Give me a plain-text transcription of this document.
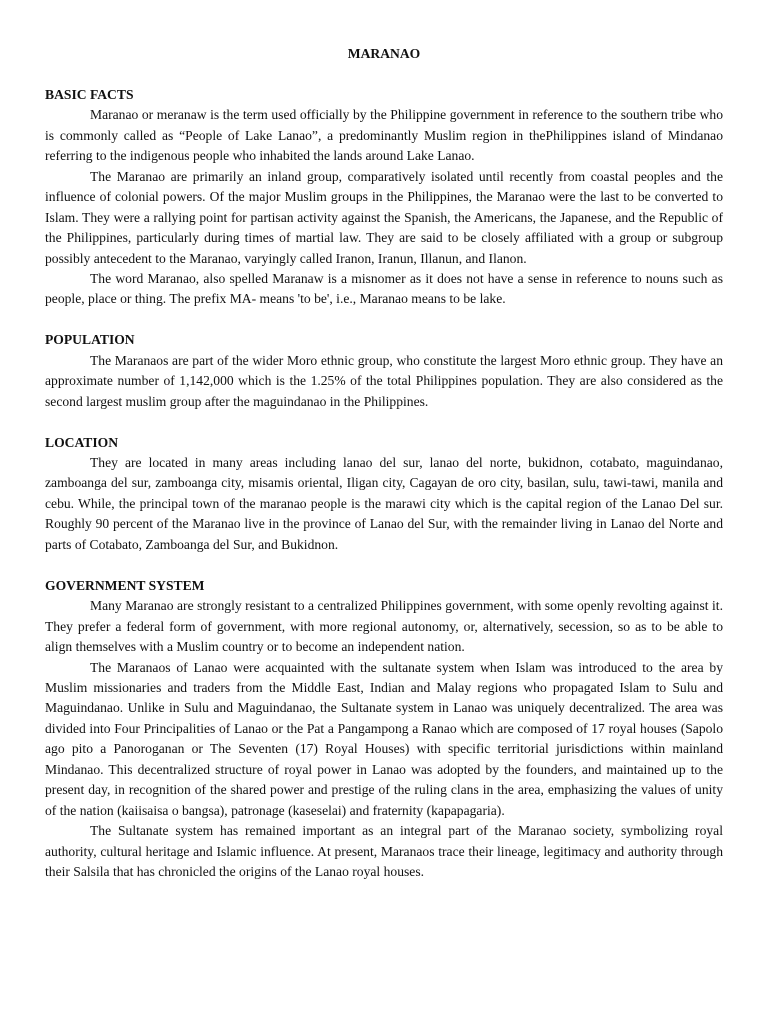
MARANAO
BASIC FACTS

Maranao or meranaw is the term used officially by the Philippine government in reference to the southern tribe who is commonly called as “People of Lake Lanao”, a predominantly Muslim region in thePhilippines island of Mindanao referring to the indigenous people who inhabited the lands around Lake Lanao.

The Maranao are primarily an inland group, comparatively isolated until recently from coastal peoples and the influence of colonial powers. Of the major Muslim groups in the Philippines, the Maranao were the last to be converted to Islam. They were a rallying point for partisan activity against the Spanish, the Americans, the Japanese, and the Republic of the Philippines, particularly during times of martial law. They are said to be closely affiliated with a group or subgroup possibly antecedent to the Maranao, varyingly called Iranon, Iranun, Illanun, and Ilanon.

The word Maranao, also spelled Maranaw is a misnomer as it does not have a sense in reference to nouns such as people, place or thing. The prefix MA- means 'to be', i.e., Maranao means to be lake.

POPULATION

The Maranaos are part of the wider Moro ethnic group, who constitute the largest Moro ethnic group. They have an approximate number of 1,142,000 which is the 1.25% of the total Philippines population. They are also considered as the second largest muslim group after the maguindanao in the Philippines.

LOCATION

They are located in many areas including lanao del sur, lanao del norte, bukidnon, cotabato, maguindanao, zamboanga del sur, zamboanga city, misamis oriental, Iligan city, Cagayan de oro city, basilan, sulu, tawi-tawi, manila and cebu. While, the principal town of the maranao people is the marawi city which is the capital region of the Lanao Del sur. Roughly 90 percent of the Maranao live in the province of Lanao del Sur, with the remainder living in Lanao del Norte and parts of Cotabato, Zamboanga del Sur, and Bukidnon.

GOVERNMENT SYSTEM

Many Maranao are strongly resistant to a centralized Philippines government, with some openly revolting against it. They prefer a federal form of government, with more regional autonomy, or, alternatively, secession, so as to be able to align themselves with a Muslim country or to become an independent nation.

The Maranaos of Lanao were acquainted with the sultanate system when Islam was introduced to the area by Muslim missionaries and traders from the Middle East, Indian and Malay regions who propagated Islam to Sulu and Maguindanao. Unlike in Sulu and Maguindanao, the Sultanate system in Lanao was uniquely decentralized. The area was divided into Four Principalities of Lanao or the Pat a Pangampong a Ranao which are composed of 17 royal houses (Sapolo ago pito a Panoroganan or The Seventen (17) Royal Houses) with specific territorial jurisdictions within mainland Mindanao. This decentralized structure of royal power in Lanao was adopted by the founders, and maintained up to the present day, in recognition of the shared power and prestige of the ruling clans in the area, emphasizing the values of unity of the nation (kaiisaisa o bangsa), patronage (kaseselai) and fraternity (kapapagaria).

The Sultanate system has remained important as an integral part of the Maranao society, symbolizing royal authority, cultural heritage and Islamic influence. At present, Maranaos trace their lineage, legitimacy and authority through their Salsila that has chronicled the origins of the Lanao royal houses.
